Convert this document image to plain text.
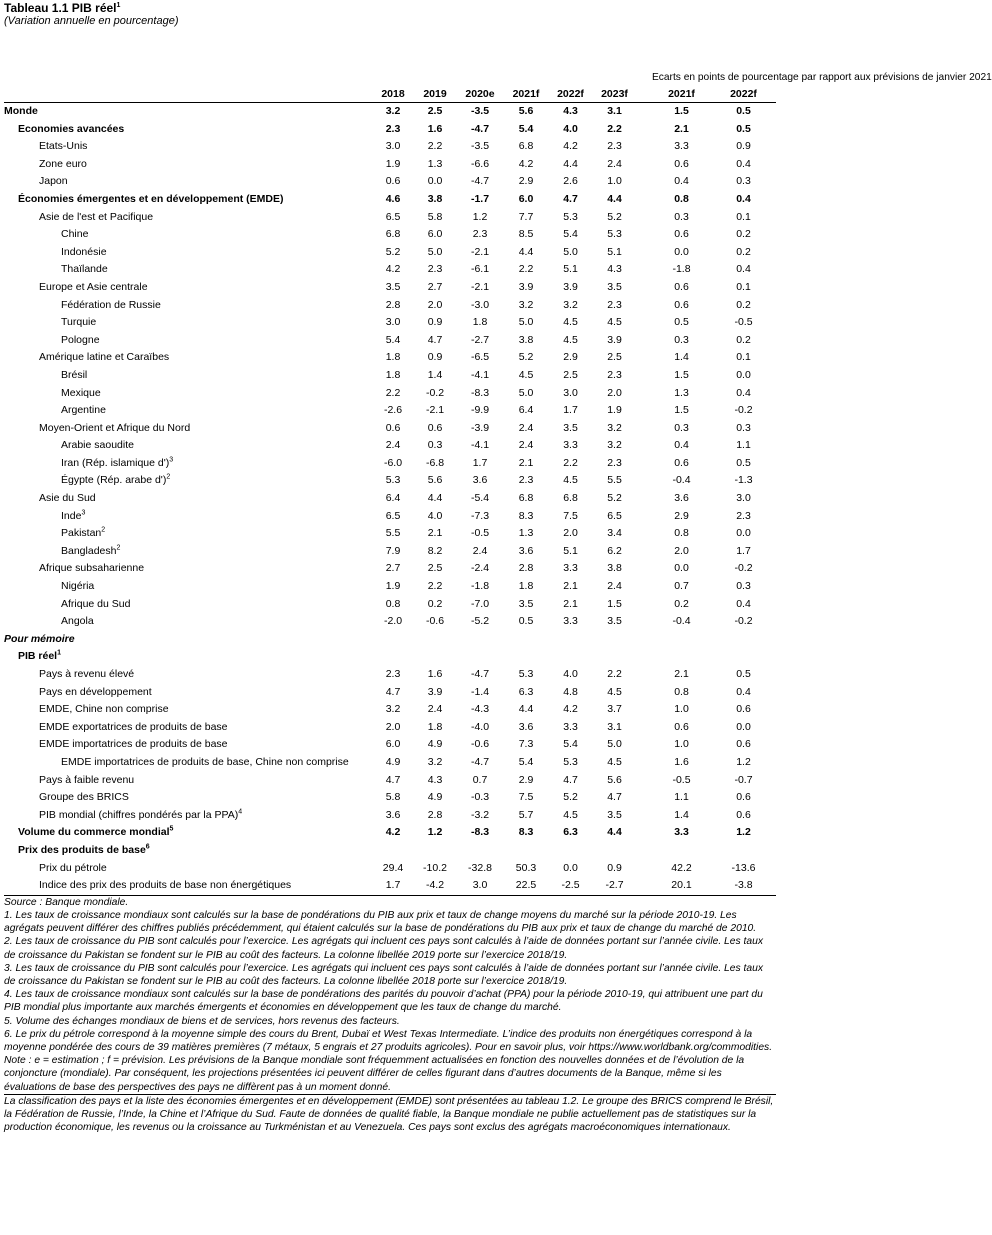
Tableau 1.1 PIB réel$^1$
(Variation annuelle en pourcentage)

								Ecarts en points de pourcentage par rapport aux prévisions de janvier 2021	

	2018	2019	2020e	2021f	2022f	2023f		2021f	2022f
Monde	3.2	2.5	-3.5	5.6	4.3	3.1		1.5	0.5
Economies avancées	2.3	1.6	-4.7	5.4	4.0	2.2		2.1	0.5
Etats-Unis	3.0	2.2	-3.5	6.8	4.2	2.3		3.3	0.9
Zone euro	1.9	1.3	-6.6	4.2	4.4	2.4		0.6	0.4
Japon	0.6	0.0	-4.7	2.9	2.6	1.0		0.4	0.3
Économies émergentes et en développement (EMDE)	4.6	3.8	-1.7	6.0	4.7	4.4		0.8	0.4
Asie de l'est et Pacifique	6.5	5.8	1.2	7.7	5.3	5.2		0.3	0.1
Chine	6.8	6.0	2.3	8.5	5.4	5.3		0.6	0.2
Indonésie	5.2	5.0	-2.1	4.4	5.0	5.1		0.0	0.2
Thaïlande	4.2	2.3	-6.1	2.2	5.1	4.3		-1.8	0.4
Europe et Asie centrale	3.5	2.7	-2.1	3.9	3.9	3.5		0.6	0.1
Fédération de Russie	2.8	2.0	-3.0	3.2	3.2	2.3		0.6	0.2
Turquie	3.0	0.9	1.8	5.0	4.5	4.5		0.5	-0.5
Pologne	5.4	4.7	-2.7	3.8	4.5	3.9		0.3	0.2
Amérique latine et Caraïbes	1.8	0.9	-6.5	5.2	2.9	2.5		1.4	0.1
Brésil	1.8	1.4	-4.1	4.5	2.5	2.3		1.5	0.0
Mexique	2.2	-0.2	-8.3	5.0	3.0	2.0		1.3	0.4
Argentine	-2.6	-2.1	-9.9	6.4	1.7	1.9		1.5	-0.2
Moyen-Orient et Afrique du Nord	0.6	0.6	-3.9	2.4	3.5	3.2		0.3	0.3
Arabie saoudite	2.4	0.3	-4.1	2.4	3.3	3.2		0.4	1.1
Iran (Rép. islamique d')$^3$	-6.0	-6.8	1.7	2.1	2.2	2.3		0.6	0.5
Égypte (Rép. arabe d')$^2$	5.3	5.6	3.6	2.3	4.5	5.5		-0.4	-1.3
Asie du Sud	6.4	4.4	-5.4	6.8	6.8	5.2		3.6	3.0
Inde$^3$	6.5	4.0	-7.3	8.3	7.5	6.5		2.9	2.3
Pakistan$^2$	5.5	2.1	-0.5	1.3	2.0	3.4		0.8	0.0
Bangladesh$^2$	7.9	8.2	2.4	3.6	5.1	6.2		2.0	1.7
Afrique subsaharienne	2.7	2.5	-2.4	2.8	3.3	3.8		0.0	-0.2
Nigéria	1.9	2.2	-1.8	1.8	2.1	2.4		0.7	0.3
Afrique du Sud	0.8	0.2	-7.0	3.5	2.1	1.5		0.2	0.4
Angola	-2.0	-0.6	-5.2	0.5	3.3	3.5		-0.4	-0.2
Pour mémoire									
PIB réel$^1$									
Pays à revenu élevé	2.3	1.6	-4.7	5.3	4.0	2.2		2.1	0.5
Pays en développement	4.7	3.9	-1.4	6.3	4.8	4.5		0.8	0.4
EMDE, Chine non comprise	3.2	2.4	-4.3	4.4	4.2	3.7		1.0	0.6
EMDE exportatrices de produits de base	2.0	1.8	-4.0	3.6	3.3	3.1		0.6	0.0
EMDE importatrices de produits de base	6.0	4.9	-0.6	7.3	5.4	5.0		1.0	0.6
EMDE importatrices de produits de base, Chine non comprise	4.9	3.2	-4.7	5.4	5.3	4.5		1.6	1.2
Pays à faible revenu	4.7	4.3	0.7	2.9	4.7	5.6		-0.5	-0.7
Groupe des BRICS	5.8	4.9	-0.3	7.5	5.2	4.7		1.1	0.6
PIB mondial (chiffres pondérés par la PPA)$^4$	3.6	2.8	-3.2	5.7	4.5	3.5		1.4	0.6
Volume du commerce mondial$^5$	4.2	1.2	-8.3	8.3	6.3	4.4		3.3	1.2
Prix des produits de base$^6$									
Prix du pétrole	29.4	-10.2	-32.8	50.3	0.0	0.9		42.2	-13.6
Indice des prix des produits de base non énergétiques	1.7	-4.2	3.0	22.5	-2.5	-2.7		20.1	-3.8

Source : Banque mondiale.

1. Les taux de croissance mondiaux sont calculés sur la base de pondérations du PIB aux prix et taux de change moyens du marché sur la période 2010-19. Les agrégats peuvent différer des chiffres publiés précédemment, qui étaient calculés sur la base de pondérations du PIB aux prix et taux de change du marché de 2010.

2. Les taux de croissance du PIB sont calculés pour l’exercice. Les agrégats qui incluent ces pays sont calculés à l’aide de données portant sur l’année civile. Les taux de croissance du Pakistan se fondent sur le PIB au coût des facteurs. La colonne libellée 2019 porte sur l’exercice 2018/19.

3. Les taux de croissance du PIB sont calculés pour l’exercice. Les agrégats qui incluent ces pays sont calculés à l’aide de données portant sur l’année civile. Les taux de croissance du Pakistan se fondent sur le PIB au coût des facteurs. La colonne libellée 2018 porte sur l’exercice 2018/19.

4. Les taux de croissance mondiaux sont calculés sur la base de pondérations des parités du pouvoir d’achat (PPA) pour la période 2010-19, qui attribuent une part du PIB mondial plus importante aux marchés émergents et économies en développement que les taux de change du marché.

5. Volume des échanges mondiaux de biens et de services, hors revenus des facteurs.

6. Le prix du pétrole correspond à la moyenne simple des cours du Brent, Dubaï et West Texas Intermediate. L’indice des produits non énergétiques correspond à la moyenne pondérée des cours de 39 matières premières (7 métaux, 5 engrais et 27 produits agricoles). Pour en savoir plus, voir https://www.worldbank.org/commodities.

Note : e = estimation ; f = prévision. Les prévisions de la Banque mondiale sont fréquemment actualisées en fonction des nouvelles données et de l’évolution de la conjoncture (mondiale). Par conséquent, les projections présentées ici peuvent différer de celles figurant dans d’autres documents de la Banque, même si les évaluations de base des perspectives des pays ne diffèrent pas à un moment donné.

La classification des pays et la liste des économies émergentes et en développement (EMDE) sont présentées au tableau 1.2. Le groupe des BRICS comprend le Brésil, la Fédération de Russie, l’Inde, la Chine et l’Afrique du Sud. Faute de données de qualité fiable, la Banque mondiale ne publie actuellement pas de statistiques sur la production économique, les revenus ou la croissance au Turkménistan et au Venezuela. Ces pays sont exclus des agrégats macroéconomiques internationaux.
